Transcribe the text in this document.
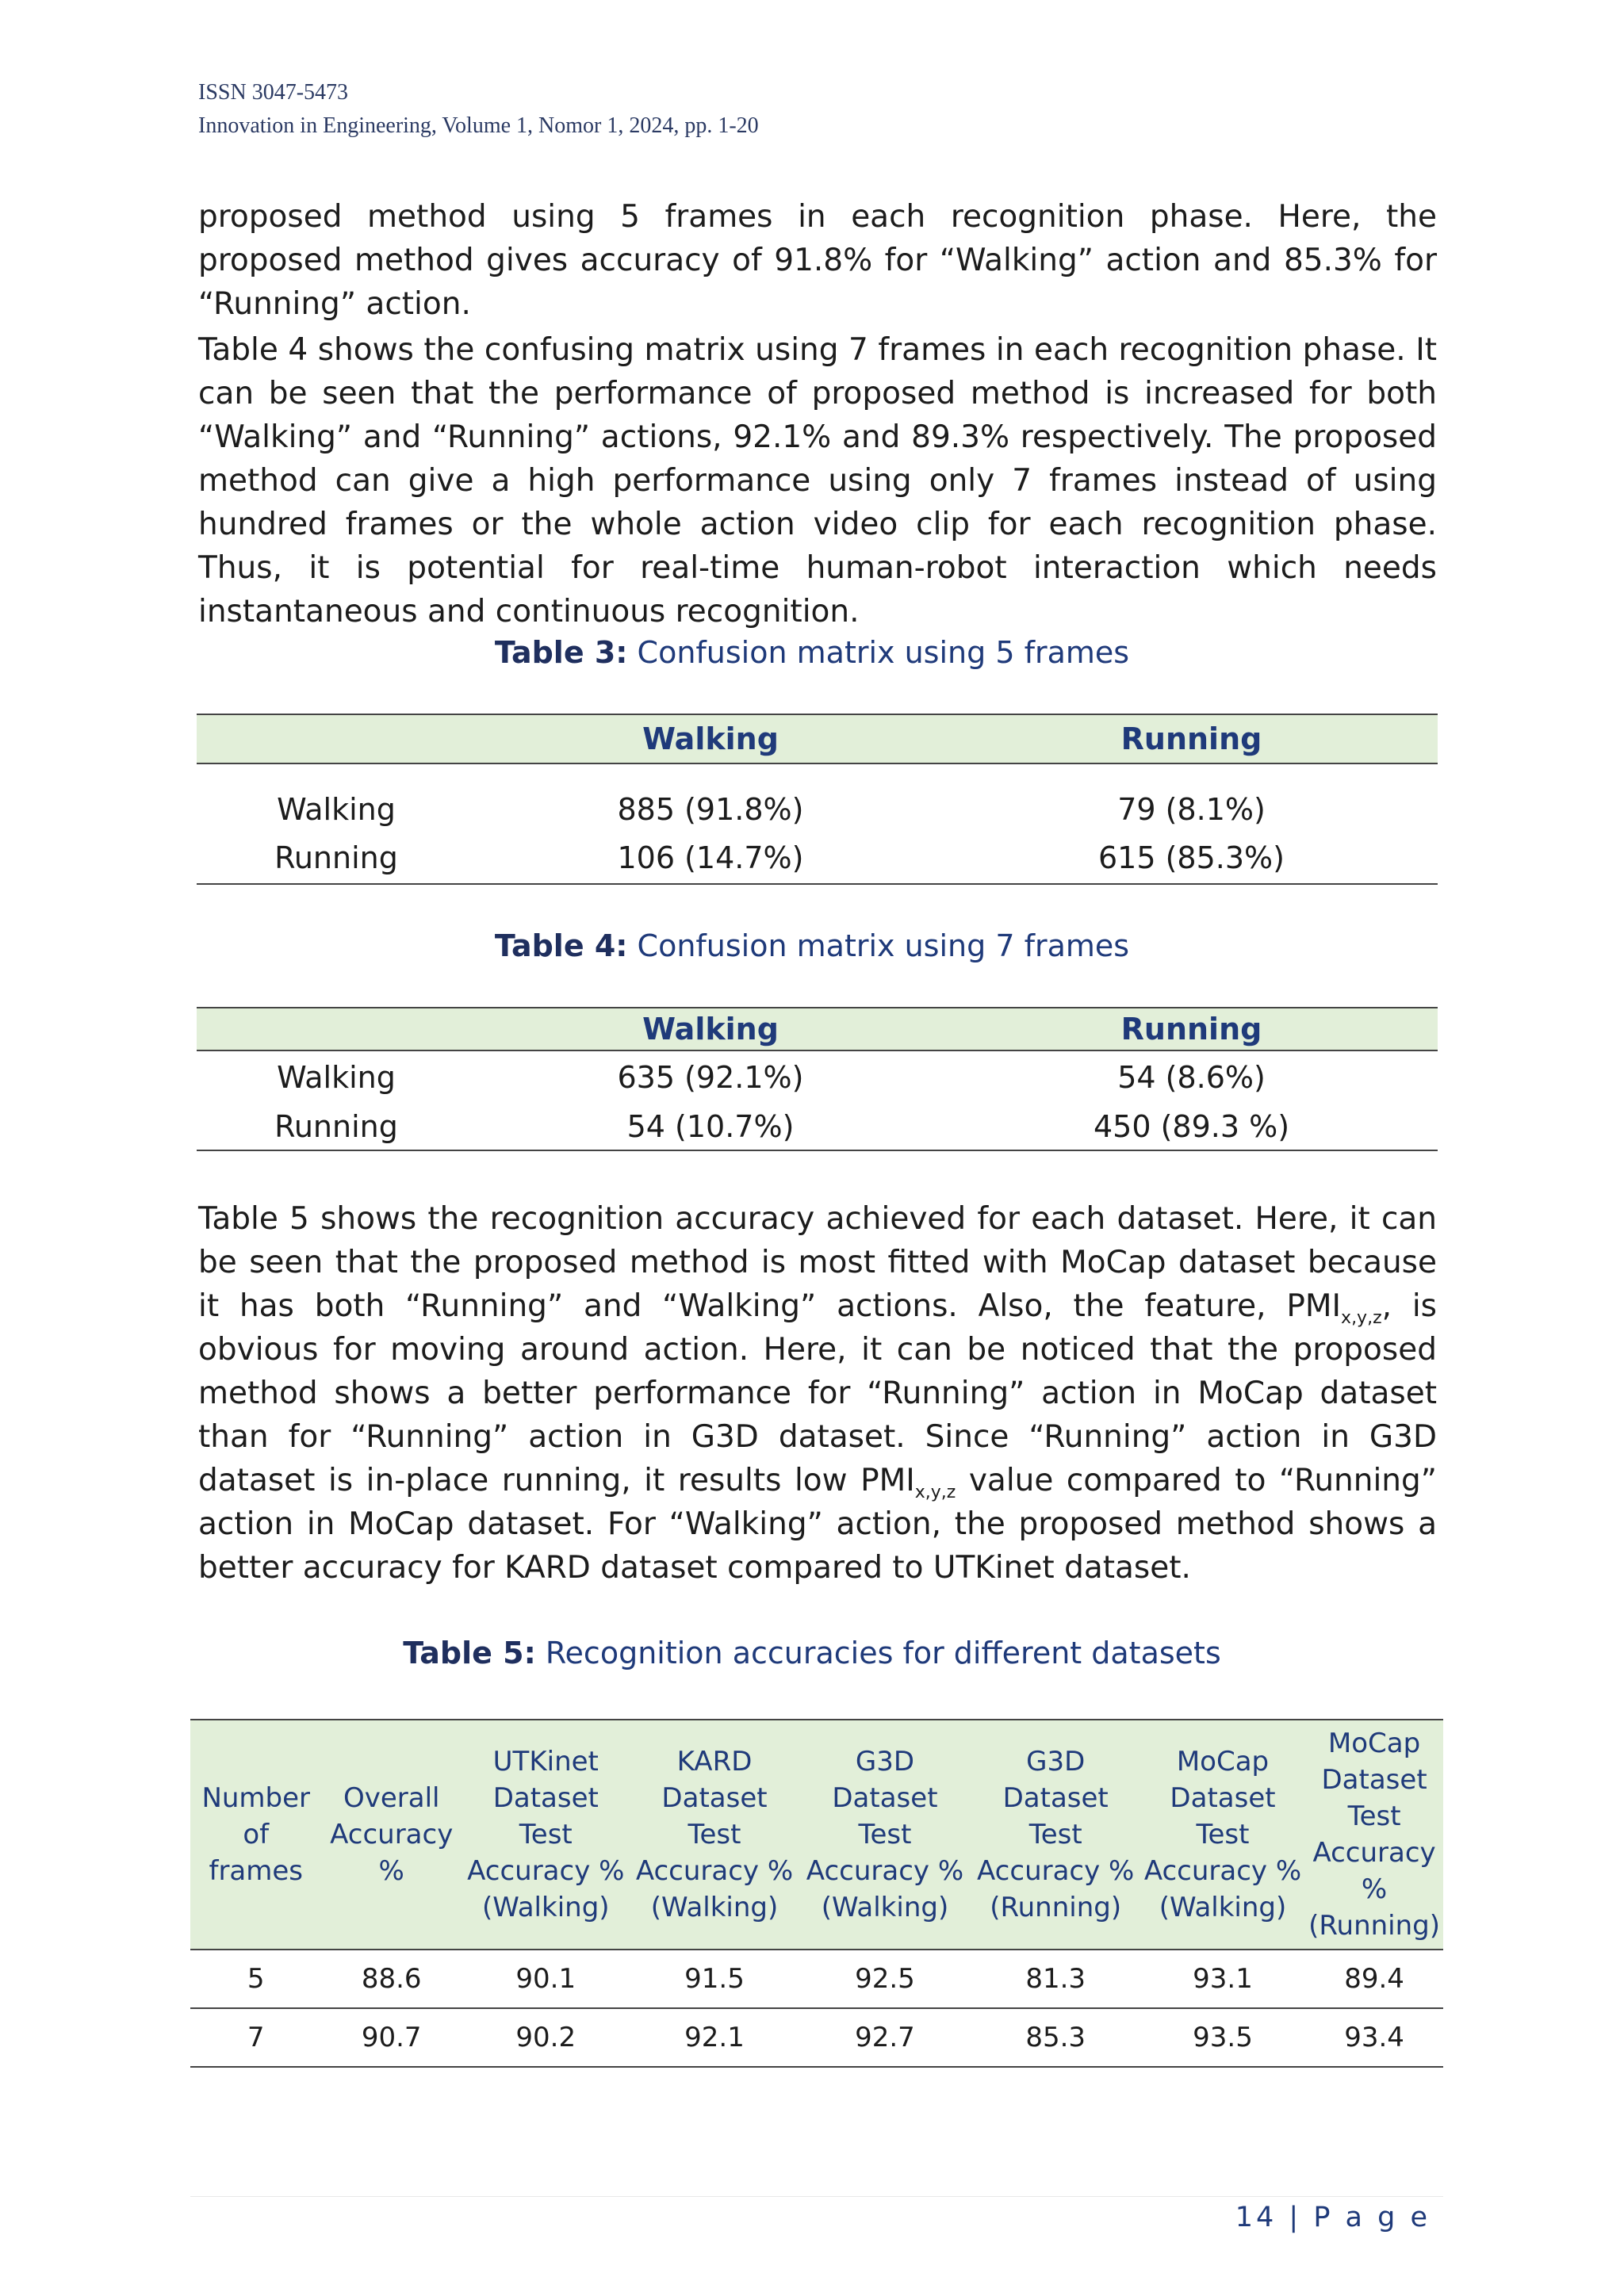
ISSN 3047-5473
Innovation in Engineering, Volume 1, Nomor 1, 2024, pp. 1-20

proposed method using 5 frames in each recognition phase. Here, the proposed method gives accuracy of 91.8% for “Walking” action and 85.3% for “Running” action.

Table 4 shows the confusing matrix using 7 frames in each recognition phase. It can be seen that the performance of proposed method is increased for both “Walking” and “Running” actions, 92.1% and 89.3% respectively. The proposed method can give a high performance using only 7 frames instead of using hundred frames or the whole action video clip for each recognition phase. Thus, it is potential for real-time human-robot interaction which needs instantaneous and continuous recognition.

Table 3: Confusion matrix using 5 frames
	Walking	Running
Walking	885 (91.8%)	79 (8.1%)
Running	106 (14.7%)	615 (85.3%)
Table 4: Confusion matrix using 7 frames
	Walking	Running
Walking	635 (92.1%)	54 (8.6%)
Running	54 (10.7%)	450 (89.3 %)

Table 5 shows the recognition accuracy achieved for each dataset. Here, it can be seen that the proposed method is most fitted with MoCap dataset because it has both “Running” and “Walking” actions. Also, the feature, $PMI_{x,y,z}$, is obvious for moving around action. Here, it can be noticed that the proposed method shows a better performance for “Running” action in MoCap dataset than for “Running” action in G3D dataset. Since “Running” action in G3D dataset is in-place running, it results low $PMI_{x,y,z}$ value compared to “Running” action in MoCap dataset. For “Walking” action, the proposed method shows a better accuracy for KARD dataset compared to UTKinet dataset.

Table 5: Recognition accuracies for different datasets
Number of frames	Overall Accuracy %	UTKinet Dataset Test Accuracy % (Walking)	KARD Dataset Test Accuracy % (Walking)	G3D Dataset Test Accuracy % (Walking)	G3D Dataset Test Accuracy % (Running)	MoCap Dataset Test Accuracy % (Walking)	MoCap Dataset Test Accuracy % (Running)
5	88.6	90.1	91.5	92.5	81.3	93.1	89.4
7	90.7	90.2	92.1	92.7	85.3	93.5	93.4
14 | P a g e
